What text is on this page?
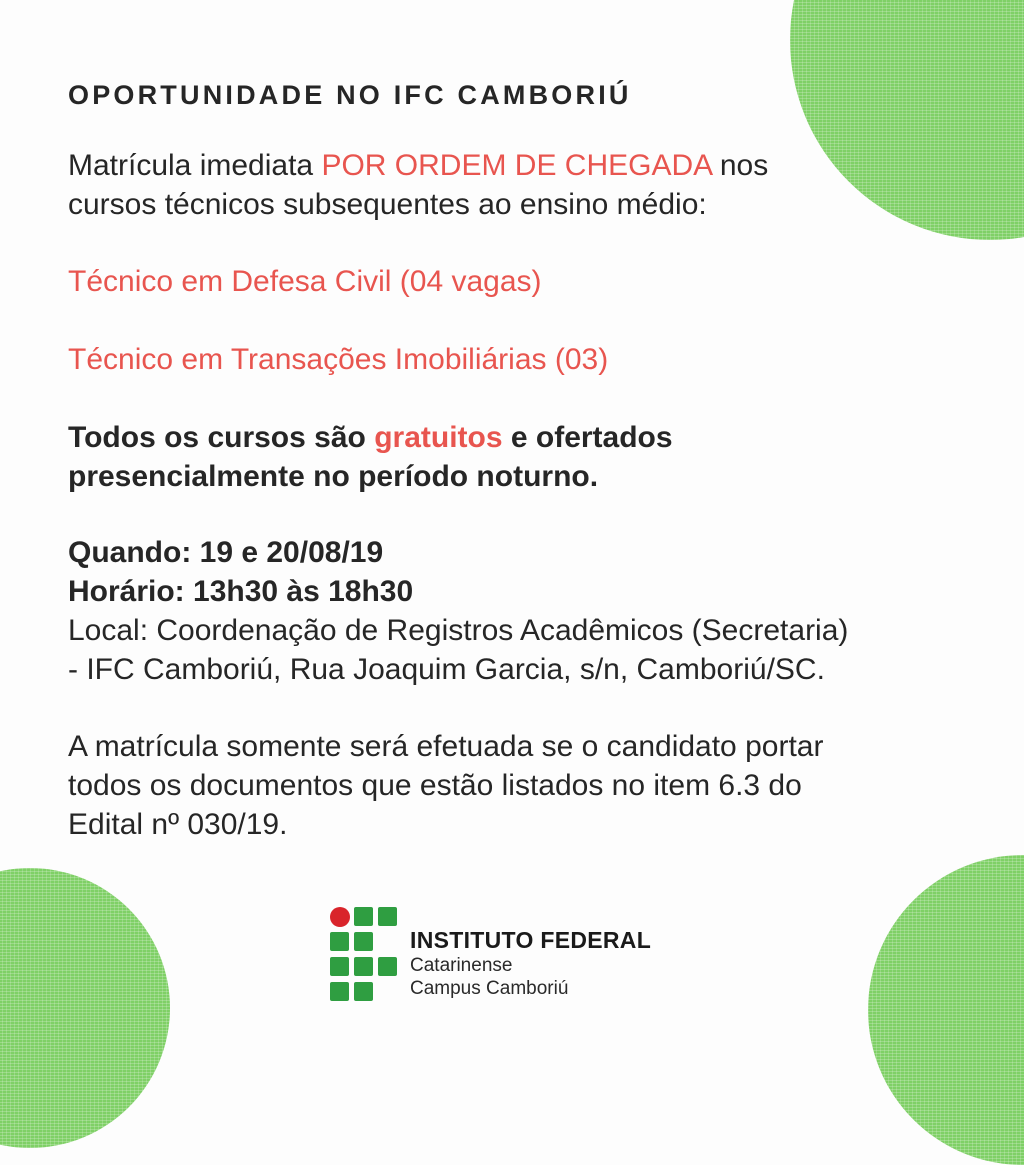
OPORTUNIDADE NO IFC CAMBORIÚ

Matrícula imediata POR ORDEM DE CHEGADA nos
cursos técnicos subsequentes ao ensino médio:

Técnico em Defesa Civil (04 vagas)

Técnico em Transações Imobiliárias (03)

Todos os cursos são gratuitos e ofertados
presencialmente no período noturno.

Quando: 19 e 20/08/19
Horário: 13h30 às 18h30
Local: Coordenação de Registros Acadêmicos (Secretaria)
- IFC Camboriú, Rua Joaquim Garcia, s/n, Camboriú/SC.

A matrícula somente será efetuada se o candidato portar
todos os documentos que estão listados no item 6.3 do
Edital nº 030/19.

INSTITUTO FEDERAL
Catarinense
Campus Camboriú
